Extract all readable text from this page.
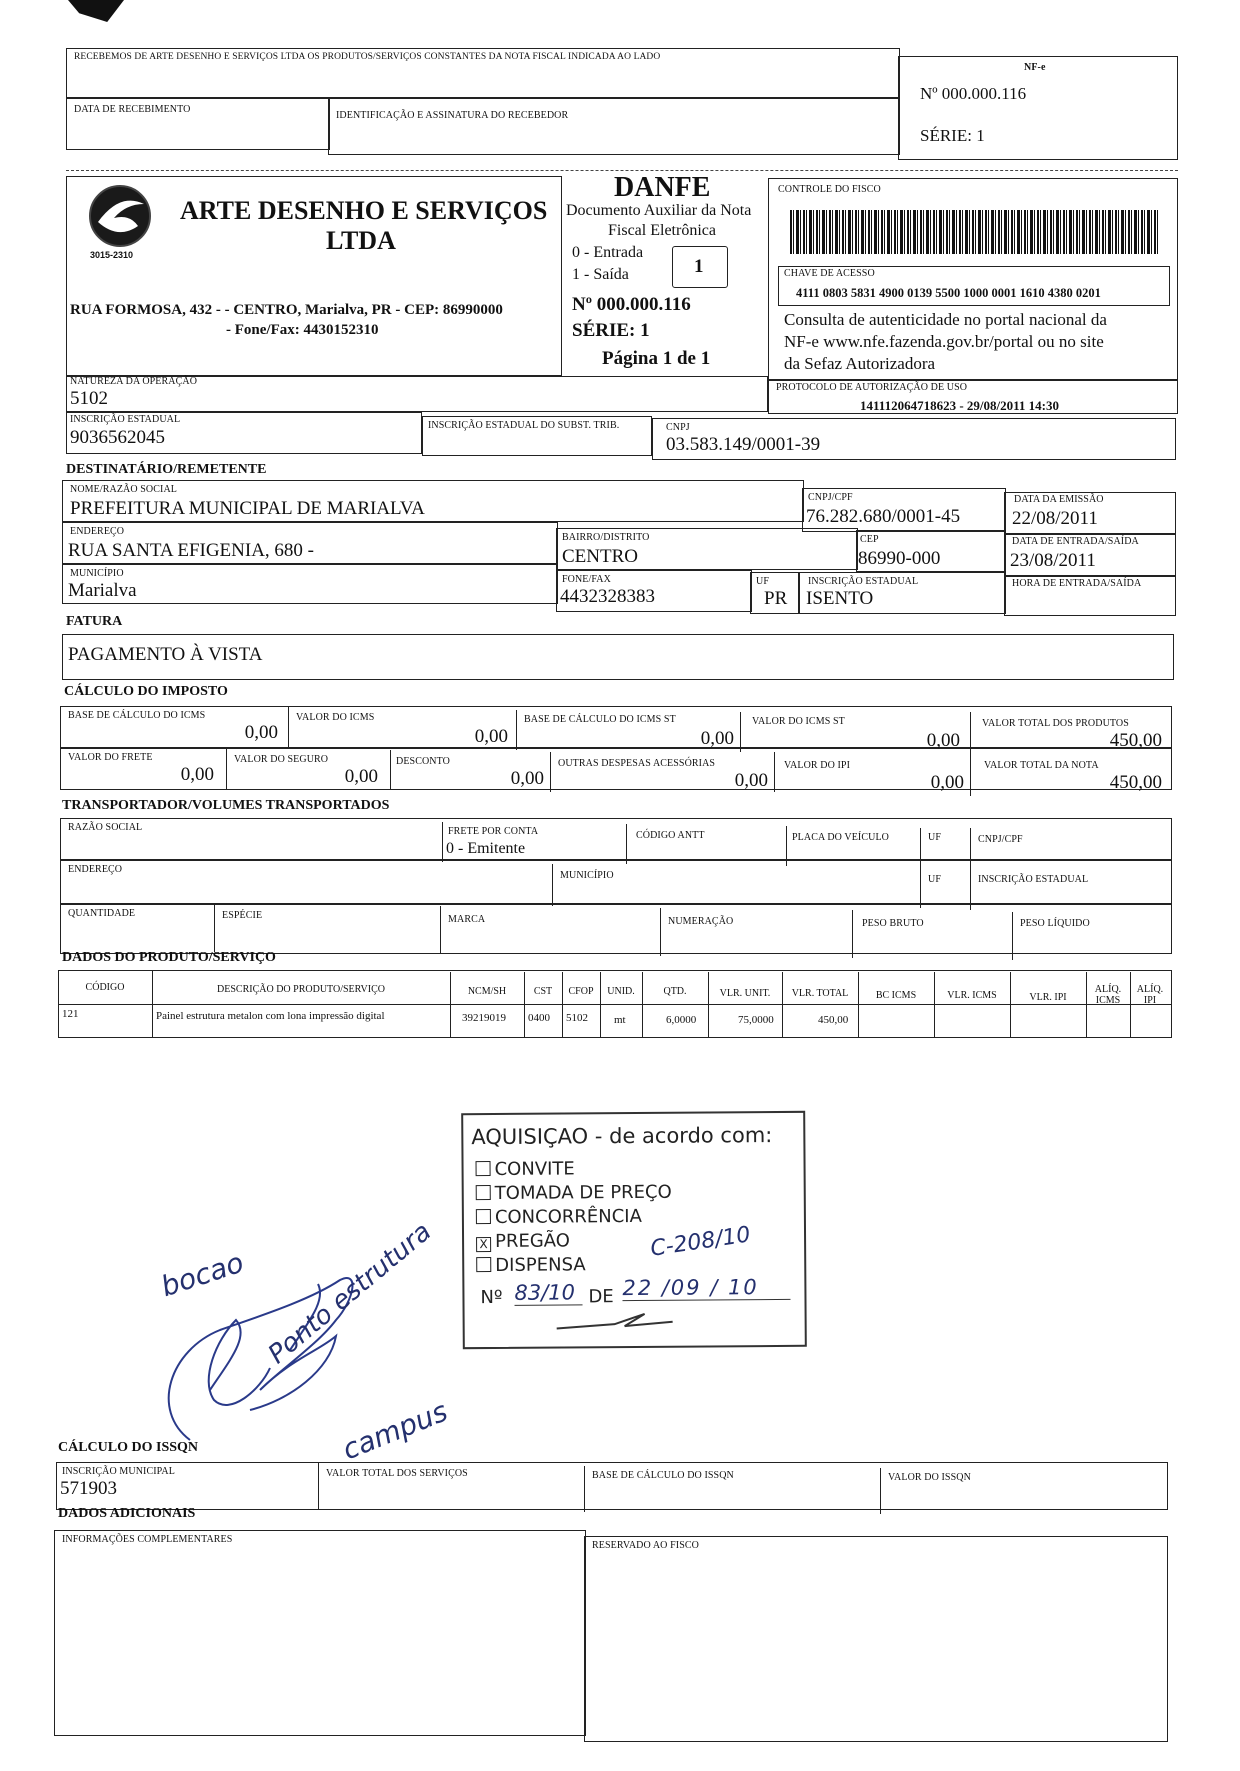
RECEBEMOS DE ARTE DESENHO E SERVIÇOS LTDA OS PRODUTOS/SERVIÇOS CONSTANTES DA NOTA FISCAL INDICADA AO LADO
DATA DE RECEBIMENTO
IDENTIFICAÇÃO E ASSINATURA DO RECEBEDOR
NF-e
Nº 000.000.116
SÉRIE: 1
3015-2310
ARTE DESENHO E SERVIÇOS
LTDA
RUA FORMOSA, 432 - - CENTRO, Marialva, PR - CEP: 86990000
- Fone/Fax: 4430152310
DANFE
Documento Auxiliar da Nota
Fiscal Eletrônica
0 - Entrada
1 - Saída	1
Nº 000.000.116
SÉRIE: 1
Página 1 de 1
CONTROLE DO FISCO
CHAVE DE ACESSO
4111 0803 5831 4900 0139 5500 1000 0001 1610 4380 0201
Consulta de autenticidade no portal nacional da
NF-e www.nfe.fazenda.gov.br/portal ou no site
da Sefaz Autorizadora
NATUREZA DA OPERAÇÃO
5102
PROTOCOLO DE AUTORIZAÇÃO DE USO
141112064718623 - 29/08/2011 14:30
INSCRIÇÃO ESTADUAL
9036562045
INSCRIÇÃO ESTADUAL DO SUBST. TRIB.	CNPJ
03.583.149/0001-39
DESTINATÁRIO/REMETENTE
NOME/RAZÃO SOCIAL
PREFEITURA MUNICIPAL DE MARIALVA
CNPJ/CPF
76.282.680/0001-45
DATA DA EMISSÃO
22/08/2011
ENDEREÇO
RUA SANTA EFIGENIA, 680 -
BAIRRO/DISTRITO
CENTRO
CEP
86990-000
DATA DE ENTRADA/SAÍDA
23/08/2011
MUNICÍPIO
Marialva
FONE/FAX
4432328383
UF
PR
INSCRIÇÃO ESTADUAL
ISENTO
HORA DE ENTRADA/SAÍDA
FATURA
PAGAMENTO À VISTA
CÁLCULO DO IMPOSTO
BASE DE CÁLCULO DO ICMS
0,00
VALOR DO ICMS
0,00
BASE DE CÁLCULO DO ICMS ST
0,00
VALOR DO ICMS ST
0,00
VALOR TOTAL DOS PRODUTOS
450,00
VALOR DO FRETE
0,00
VALOR DO SEGURO
0,00
DESCONTO
0,00
OUTRAS DESPESAS ACESSÓRIAS
0,00
VALOR DO IPI
0,00
VALOR TOTAL DA NOTA
450,00
TRANSPORTADOR/VOLUMES TRANSPORTADOS
RAZÃO SOCIAL	FRETE POR CONTA
0 - Emitente
CÓDIGO ANTT	PLACA DO VEÍCULO	UF	CNPJ/CPF
ENDEREÇO
MUNICÍPIO	UF	INSCRIÇÃO ESTADUAL
QUANTIDADE	ESPÉCIE	MARCA	NUMERAÇÃO	PESO BRUTO	PESO LÍQUIDO
DADOS DO PRODUTO/SERVIÇO
CÓDIGO	DESCRIÇÃO DO PRODUTO/SERVIÇO	NCM/SH	CST	CFOP	UNID.	QTD.	VLR. UNIT.	VLR. TOTAL	BC ICMS	VLR. ICMS	VLR. IPI
ALÍQ. ICMS
ALÍQ. IPI
121	Painel estrutura metalon com lona impressão digital	39219019 0400 5102 mt	6,0000	75,0000	450,00
AQUISIÇAO - de acordo com:
CONVITE
TOMADA DE PREÇO
CONCORRÊNCIA
X PREGÃO
DISPENSA
C-208/10
Nº 83/10 DE 22 /09 / 10
bocao Ponto estrutura
campus
CÁLCULO DO ISSQN
INSCRIÇÃO MUNICIPAL
571903
VALOR TOTAL DOS SERVIÇOS	BASE DE CÁLCULO DO ISSQN	VALOR DO ISSQN
DADOS ADICIONAIS
INFORMAÇÕES COMPLEMENTARES
RESERVADO AO FISCO
